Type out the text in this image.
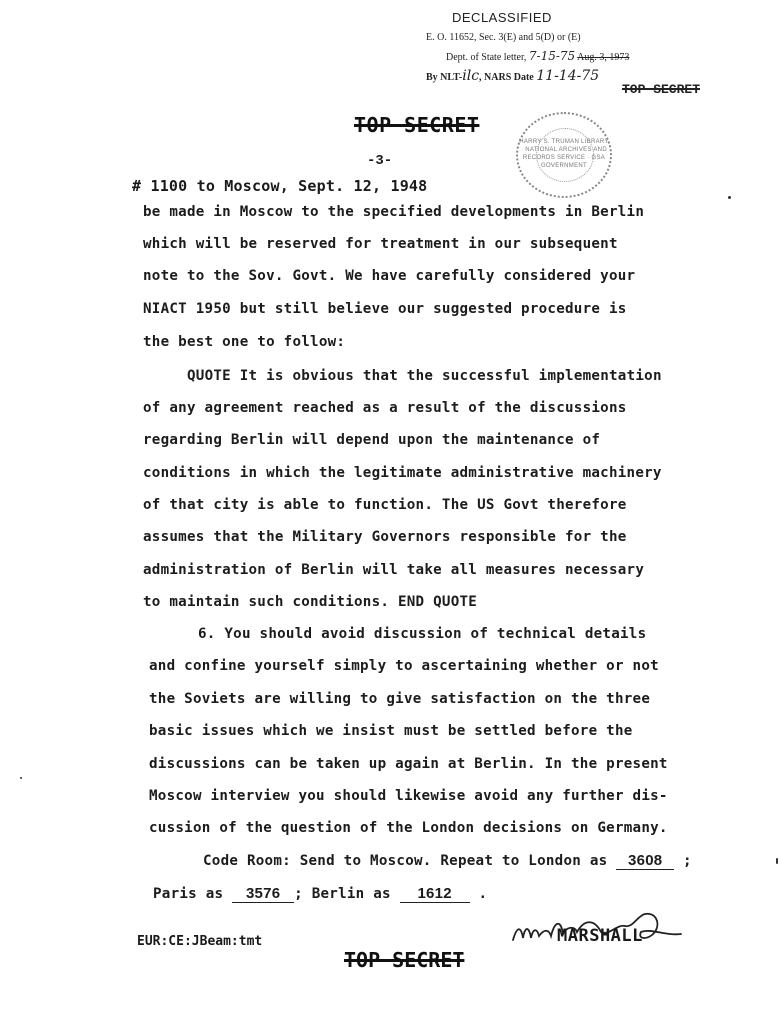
DECLASSIFIED
E. O. 11652, Sec. 3(E) and 5(D) or (E)
Dept. of State letter, 7-15-75 Aug. 3, 1973
By NLT-ilc, NARS Date 11-14-75
TOP SECRET
TOP SECRET
HARRY S. TRUMAN LIBRARY · NATIONAL ARCHIVES AND RECORDS SERVICE · GSA GOVERNMENT
-3-
# 1100 to Moscow, Sept. 12, 1948
be made in Moscow to the specified developments in Berlin
which will be reserved for treatment in our subsequent
note to the Sov. Govt. We have carefully considered your
NIACT 1950 but still believe our suggested procedure is
the best one to follow:
QUOTE It is obvious that the successful implementation
of any agreement reached as a result of the discussions
regarding Berlin will depend upon the maintenance of
conditions in which the legitimate administrative machinery
of that city is able to function. The US Govt therefore
assumes that the Military Governors responsible for the
administration of Berlin will take all measures necessary
to maintain such conditions. END QUOTE
6. You should avoid discussion of technical details
and confine yourself simply to ascertaining whether or not
the Soviets are willing to give satisfaction on the three
basic issues which we insist must be settled before the
discussions can be taken up again at Berlin. In the present
Moscow interview you should likewise avoid any further dis-
cussion of the question of the London decisions on Germany.
Code Room: Send to Moscow. Repeat to London as 3608 ;
Paris as 3576 ; Berlin as 1612 .
EUR:CE:JBeam:tmt	MARSHALL
TOP SECRET
